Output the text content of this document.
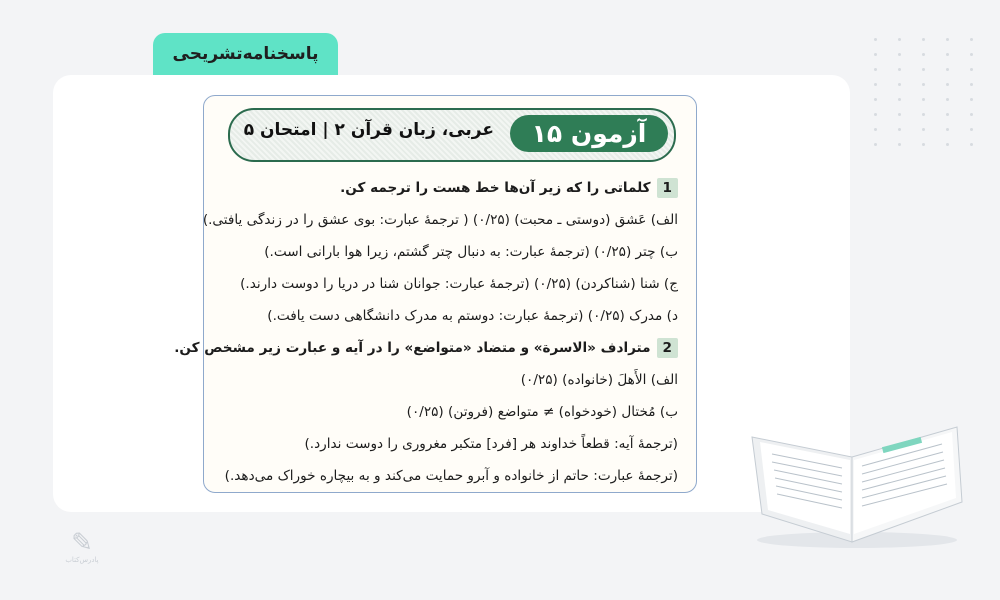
پاسخنامه‌تشریحی
آزمون ۱۵
عربی، زبان قرآن ۲ | امتحان ۵
1کلماتی را که زیر آن‌ها خط هست را ترجمه کن.
الف) عَشق (دوستی ـ محبت) (۰/۲۵) ( ترجمهٔ عبارت: بوی عشق را در زندگی یافتی.)
ب) چتر (۰/۲۵) (ترجمهٔ عبارت: به دنبال چتر گشتم، زیرا هوا بارانی است.)
ج) شنا (شناکردن) (۰/۲۵) (ترجمهٔ عبارت: جوانان شنا در دریا را دوست دارند.)
د) مدرک (۰/۲۵) (ترجمهٔ عبارت: دوستم به مدرک دانشگاهی دست یافت.)
2مترادف «الاسرة» و متضاد «متواضع» را در آیه و عبارت زیر مشخص کن.
الف) الأَهلَ (خانواده) (۰/۲۵)
ب) مُختال (خودخواه) ≠ متواضع (فروتن) (۰/۲۵)
(ترجمهٔ آیه: قطعاً خداوند هر [فرد] متکبر مغروری را دوست ندارد.)
(ترجمهٔ عبارت: حاتم از خانواده و آبرو حمایت می‌کند و به بیچاره خوراک می‌دهد.)
✎
پادرس‌کتاب
